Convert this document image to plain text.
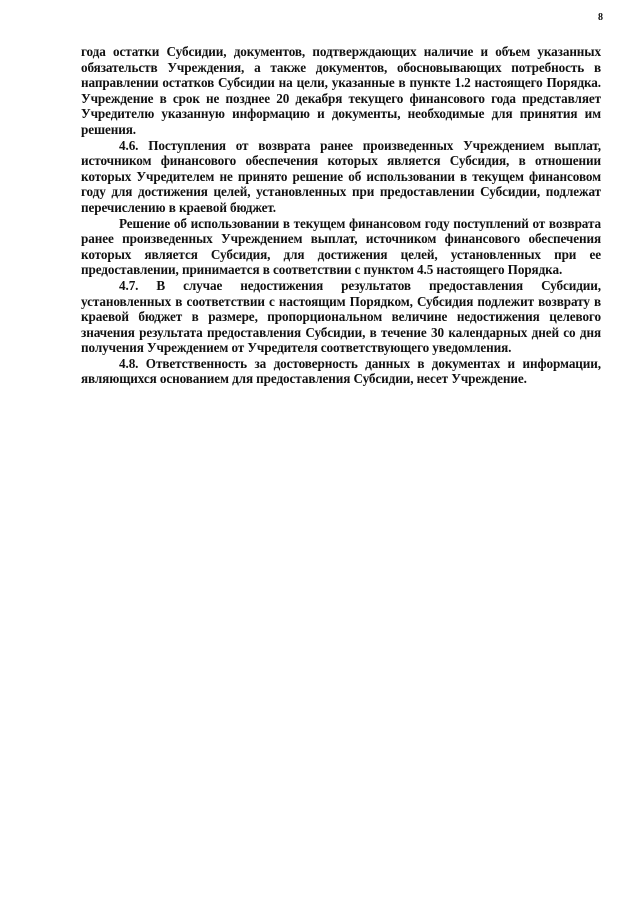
8

года остатки Субсидии, документов, подтверждающих наличие и объем указанных обязательств Учреждения, а также документов, обосновывающих потребность в направлении остатков Субсидии на цели, указанные в пункте 1.2 настоящего Порядка. Учреждение в срок не позднее 20 декабря текущего финансового года представляет Учредителю указанную информацию и документы, необходимые для принятия им решения.

4.6. Поступления от возврата ранее произведенных Учреждением выплат, источником финансового обеспечения которых является Субсидия, в отношении которых Учредителем не принято решение об использовании в текущем финансовом году для достижения целей, установленных при предоставлении Субсидии, подлежат перечислению в краевой бюджет.

Решение об использовании в текущем финансовом году поступлений от возврата ранее произведенных Учреждением выплат, источником финансового обеспечения которых является Субсидия, для достижения целей, установленных при ее предоставлении, принимается в соответствии с пунктом 4.5 настоящего Порядка.

4.7. В случае недостижения результатов предоставления Субсидии, установленных в соответствии с настоящим Порядком, Субсидия подлежит возврату в краевой бюджет в размере, пропорциональном величине недостижения целевого значения результата предоставления Субсидии, в течение 30 календарных дней со дня получения Учреждением от Учредителя соответствующего уведомления.

4.8. Ответственность за достоверность данных в документах и информации, являющихся основанием для предоставления Субсидии, несет Учреждение.
